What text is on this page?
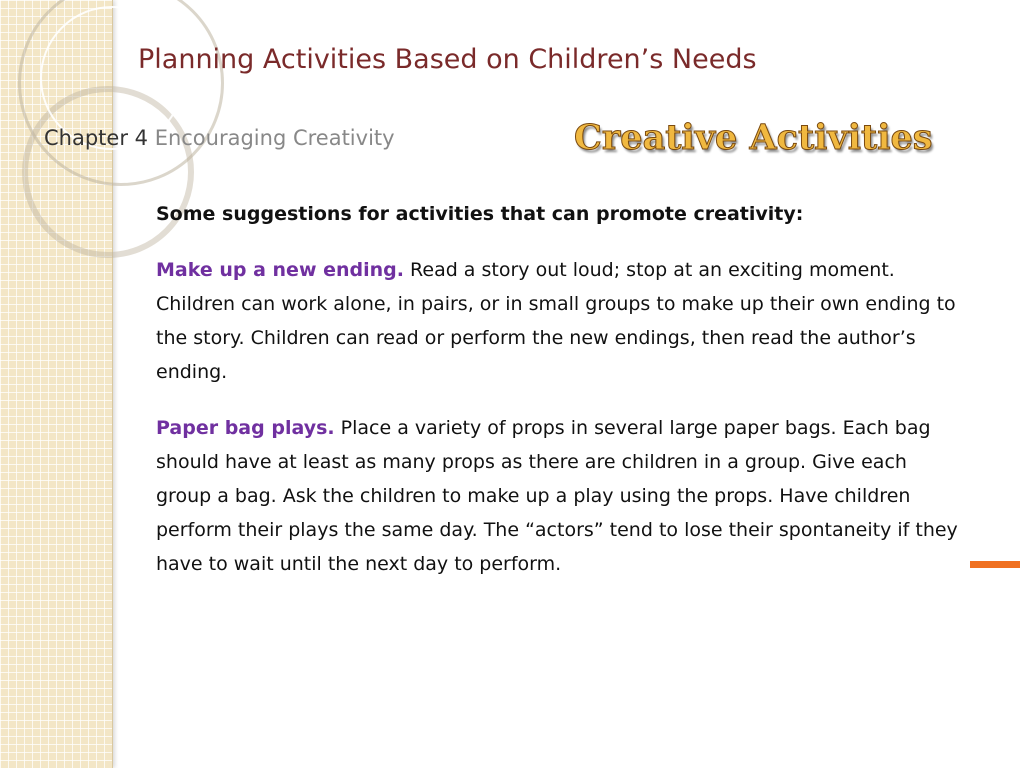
Planning Activities Based on Children’s Needs
Chapter 4 Encouraging Creativity	Creative Activities

Some suggestions for activities that can promote creativity:

Make up a new ending. Read a story out loud; stop at an exciting moment. Children can work alone, in pairs, or in small groups to make up their own ending to the story. Children can read or perform the new endings, then read the author’s ending.

Paper bag plays. Place a variety of props in several large paper bags. Each bag should have at least as many props as there are children in a group. Give each group a bag. Ask the children to make up a play using the props. Have children perform their plays the same day. The “actors” tend to lose their spontaneity if they have to wait until the next day to perform.
